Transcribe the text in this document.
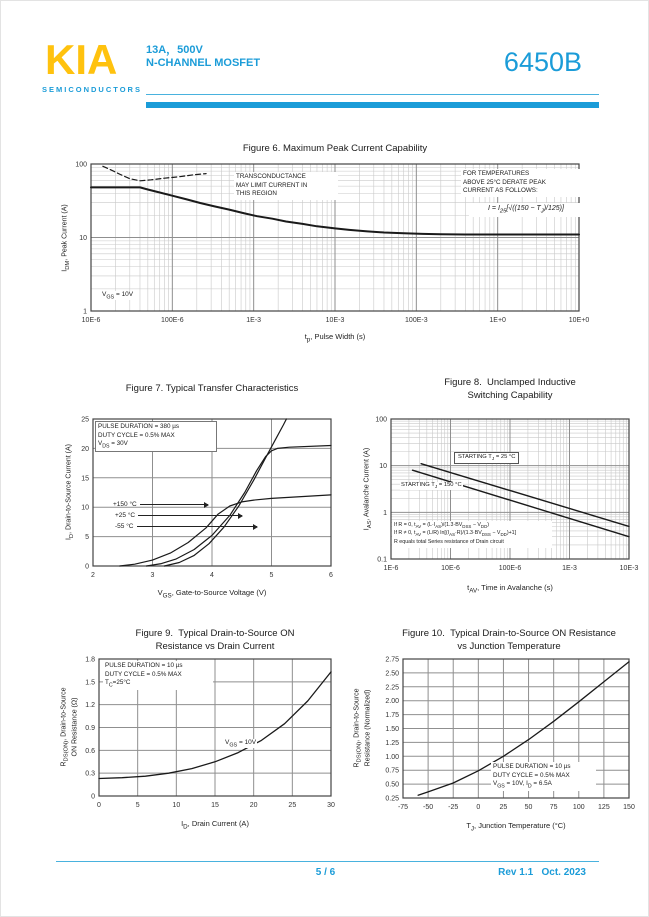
KIA
SEMICONDUCTORS
13A，500V
N-CHANNEL MOSFET	6450B
10E-6	100E-6	1E-3	10E-3	100E-3	1E+0	10E+0
1
10
100
Figure 6. Maximum Peak Current Capability
$I_{DM}$, Peak Current (A)
$t_p$, Pulse Width (s)
TRANSCONDUCTANCE
MAY LIMIT CURRENT IN
THIS REGION
FOR TEMPERATURES
ABOVE 25°C DERATE PEAK
CURRENT AS FOLLOWS:
$I = I_{25}[√((150 - T_J)/125)]$
$V_{GS} = 10V$
2	3	4	5	6
0
5
10
15
20
25
Figure 7. Typical Transfer Characteristics
$I_D$, Drain-to-Source Current (A)
$V_{GS}$, Gate-to-Source Voltage (V)
PULSE DURATION = 380 µs
DUTY CYCLE = 0.5% MAX
$V_{DS} = 30V$
+150 °C
+25 °C
-55 °C
1E-6	10E-6	100E-6	1E-3	10E-3
0.1
1
10
100
Figure 8.  Unclamped Inductive
Switching Capability
$I_{AS}$, Avalanche Current (A)
$t_{AV}$, Time in Avalanche (s)
STARTING $T_J = 25$ °C
STARTING $T_J = 150$ °C
If R = 0, $t_{AV} = (L\cdot I_{AS})/(1.3\cdot BV_{DSS} - V_{DD})$
If R ≠ 0, $t_{AV} = (L/R) \ln[(I_{AS}\cdot R)/(1.3\cdot BV_{DSS} - V_{DD})+1]$
R equals total Series resistance of Drain circuit
0	5	10	15	20	25	30
0
0.3
0.6
0.9
1.2
1.5
1.8
Figure 9.  Typical Drain-to-Source ON
Resistance vs Drain Current
$R_{DS(ON)}$, Drain-to-Source ON Resistance (Ω)
$I_D$, Drain Current (A)
PULSE DURATION = 10 µs
DUTY CYCLE = 0.5% MAX
$T_C=25^\circ C$
$V_{GS} = 10V$
-75 -50 -25	0	25 50 75 100 125 150
0.25
0.50
0.75
1.00
1.25
1.50
1.75
2.00
2.25
2.50
2.75
Figure 10.  Typical Drain-to-Source ON Resistance
vs Junction Temperature
$R_{DS(ON)}$, Drain-to-Source Resistance (Normalized)
$T_J$, Junction Temperature (°C)
PULSE DURATION = 10 µs
DUTY CYCLE = 0.5% MAX
$V_{GS} = 10V$, $I_D = 6.5A$
5 / 6	Rev 1.1 Oct. 2023
